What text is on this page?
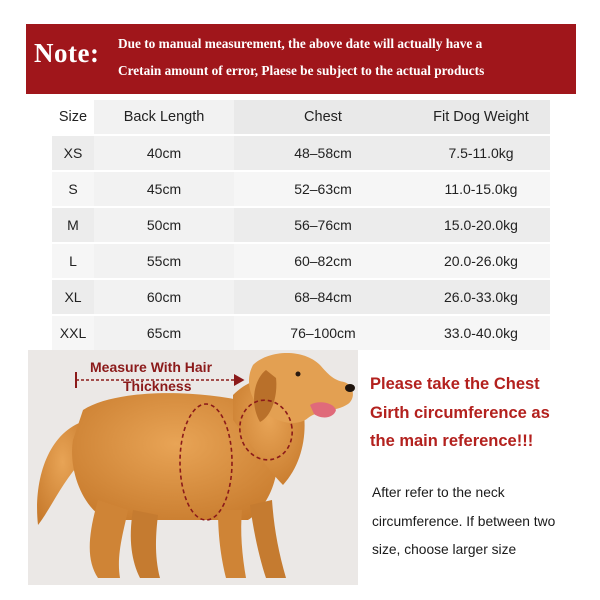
Note: Due to manual measurement, the above date will actually have a
Cretain amount of error, Plaese be subject to the actual products
Size	Back Length	Chest	Fit Dog Weight
XS	40cm	48–58cm	7.5-11.0kg
S	45cm	52–63cm	11.0-15.0kg
M	50cm	56–76cm	15.0-20.0kg
L	55cm	60–82cm	20.0-26.0kg
XL	60cm	68–84cm	26.0-33.0kg
XXL	65cm	76–100cm	33.0-40.0kg
Measure With Hair
Thickness	Please take the Chest
Girth circumference as
the main reference!!!
After refer to the neck
circumference. If between two
size, choose larger size
